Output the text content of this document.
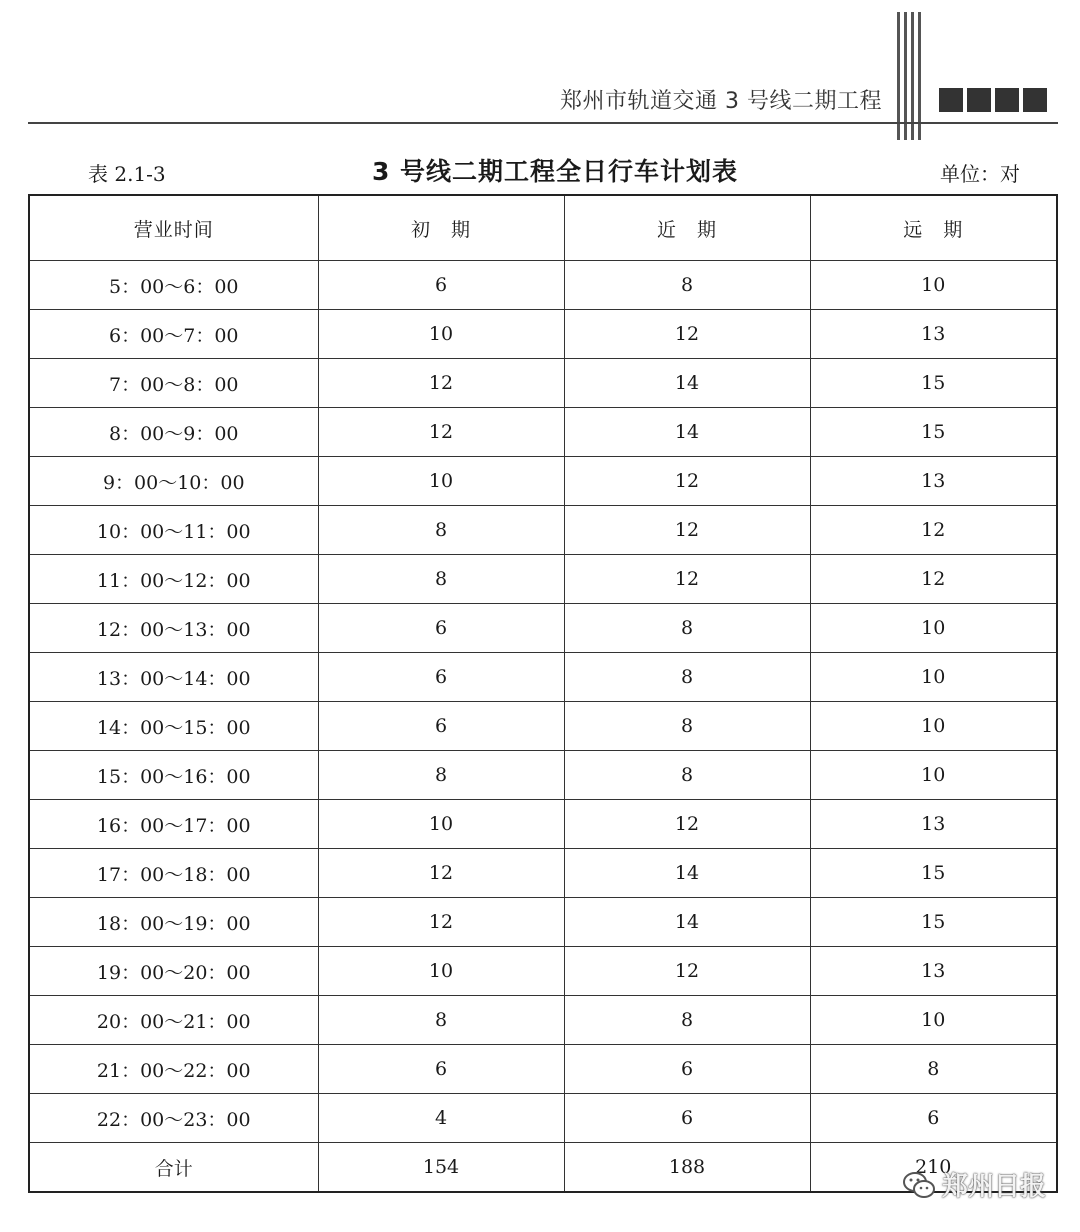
郑州市轨道交通 3 号线二期工程
表 2.1-3	3 号线二期工程全日行车计划表	单位：对
营业时间	初　期	近　期	远　期
5：00～6：00	6	8	10
6：00～7：00	10	12	13
7：00～8：00	12	14	15
8：00～9：00	12	14	15
9：00～10：00	10	12	13
10：00～11：00	8	12	12
11：00～12：00	8	12	12
12：00～13：00	6	8	10
13：00～14：00	6	8	10
14：00～15：00	6	8	10
15：00～16：00	8	8	10
16：00～17：00	10	12	13
17：00～18：00	12	14	15
18：00～19：00	12	14	15
19：00～20：00	10	12	13
20：00～21：00	8	8	10
21：00～22：00	6	6	8
22：00～23：00	4	6	6
合计	154	188	210
郑州日报
